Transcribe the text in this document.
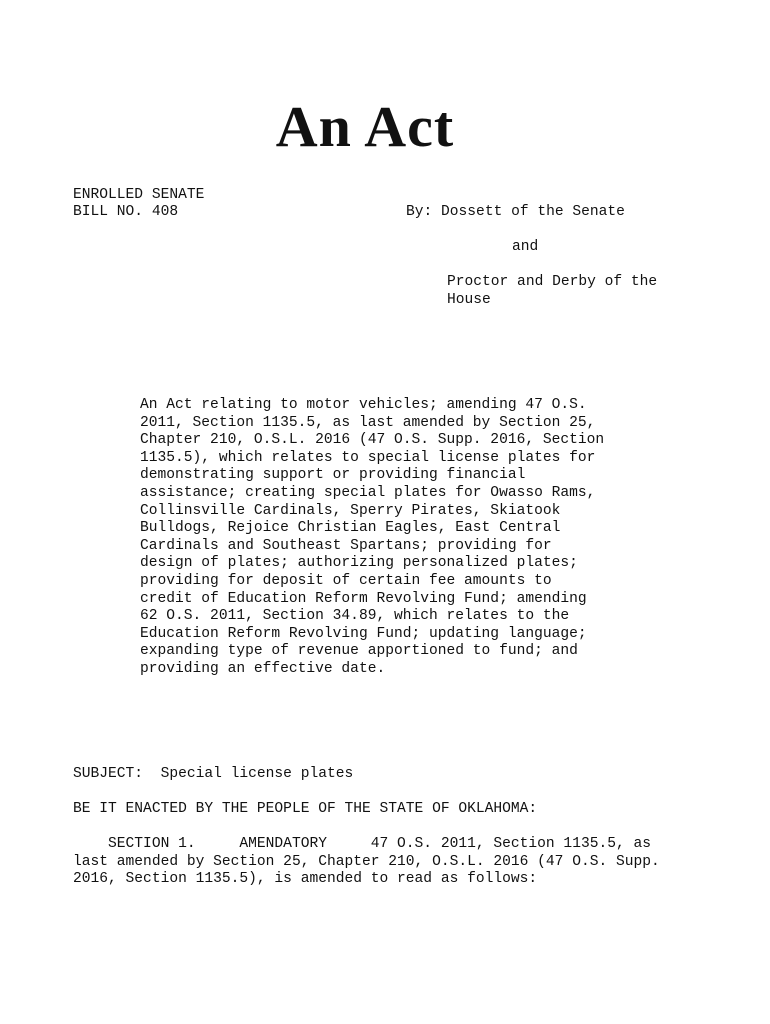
An Act
ENROLLED SENATE
BILL NO. 408	By: Dossett of the Senate
and
Proctor and Derby of the
House
An Act relating to motor vehicles; amending 47 O.S.
2011, Section 1135.5, as last amended by Section 25,
Chapter 210, O.S.L. 2016 (47 O.S. Supp. 2016, Section
1135.5), which relates to special license plates for
demonstrating support or providing financial
assistance; creating special plates for Owasso Rams,
Collinsville Cardinals, Sperry Pirates, Skiatook
Bulldogs, Rejoice Christian Eagles, East Central
Cardinals and Southeast Spartans; providing for
design of plates; authorizing personalized plates;
providing for deposit of certain fee amounts to
credit of Education Reform Revolving Fund; amending
62 O.S. 2011, Section 34.89, which relates to the
Education Reform Revolving Fund; updating language;
expanding type of revenue apportioned to fund; and
providing an effective date.
SUBJECT:  Special license plates
BE IT ENACTED BY THE PEOPLE OF THE STATE OF OKLAHOMA:
SECTION 1.     AMENDATORY     47 O.S. 2011, Section 1135.5, as
last amended by Section 25, Chapter 210, O.S.L. 2016 (47 O.S. Supp.
2016, Section 1135.5), is amended to read as follows:
